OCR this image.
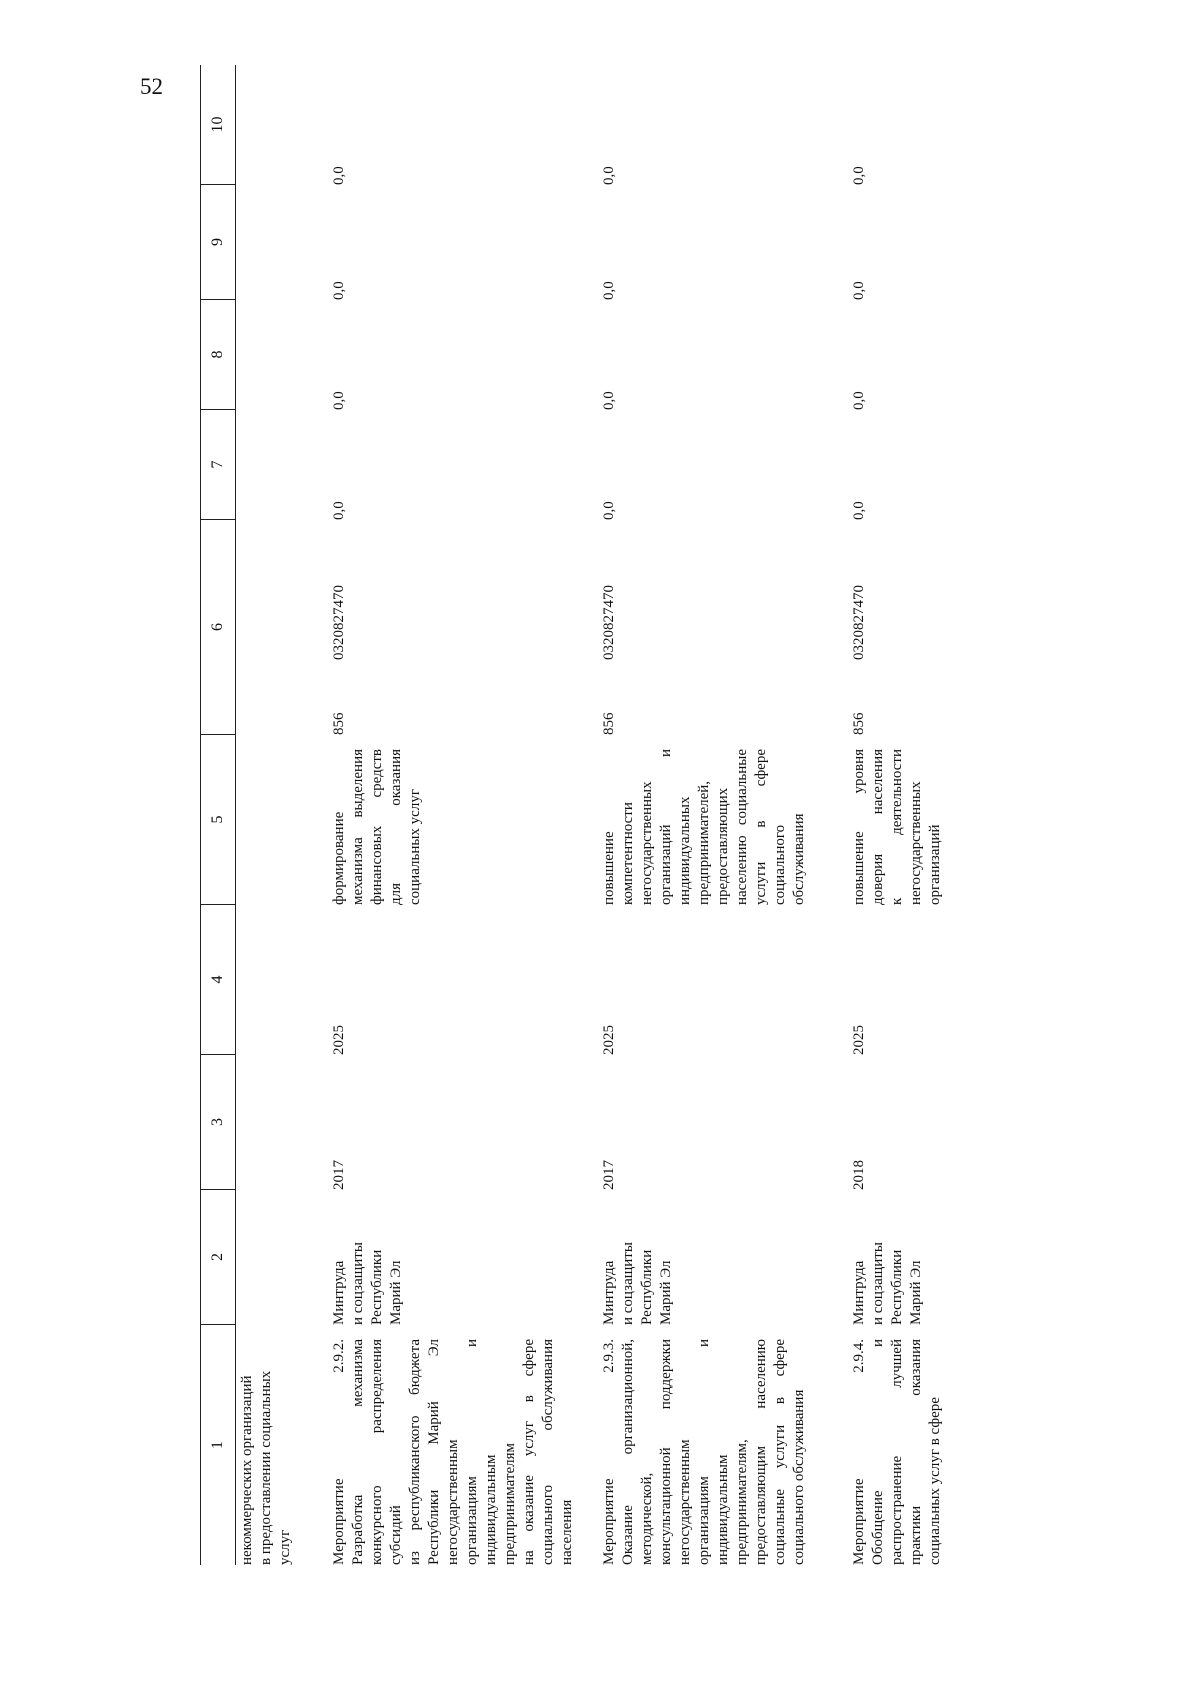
52
1
2
3
4
5
6
7
8
9
10
некоммерческих организаций в предоставлении социальных услуг	Мероприятие 2.9.2. Разработка механизма конкурсного распределения субсидий из республиканского бюджета Республики Марий Эл негосударственным организациям и индивидуальным предпринимателям на оказание услуг в сфере социального обслуживания населения
Минтруда и соцзащиты Республики Марий Эл
2017
2025
формирование механизма выделения финансовых средств для оказания социальных услуг
856
0320827470
0,0
0,0
0,0
0,0
Мероприятие 2.9.3. Оказание организационной, методической, консультационной поддержки негосударственным организациям и индивидуальным предпринимателям, предоставляющим населению социальные услуги в сфере социального обслуживания
Минтруда и соцзащиты Республики Марий Эл
2017
2025
повышение компетентности негосударственных организаций и индивидуальных предпринимателей, предоставляющих населению социальные услуги в сфере социального обслуживания
856
0320827470
0,0
0,0
0,0
0,0
Мероприятие 2.9.4. Обобщение и распространение лучшей практики оказания социальных услуг в сфере
Минтруда и соцзащиты Республики Марий Эл
2018
2025
повышение уровня доверия населения к деятельности негосударственных организаций
856
0320827470
0,0
0,0
0,0
0,0
